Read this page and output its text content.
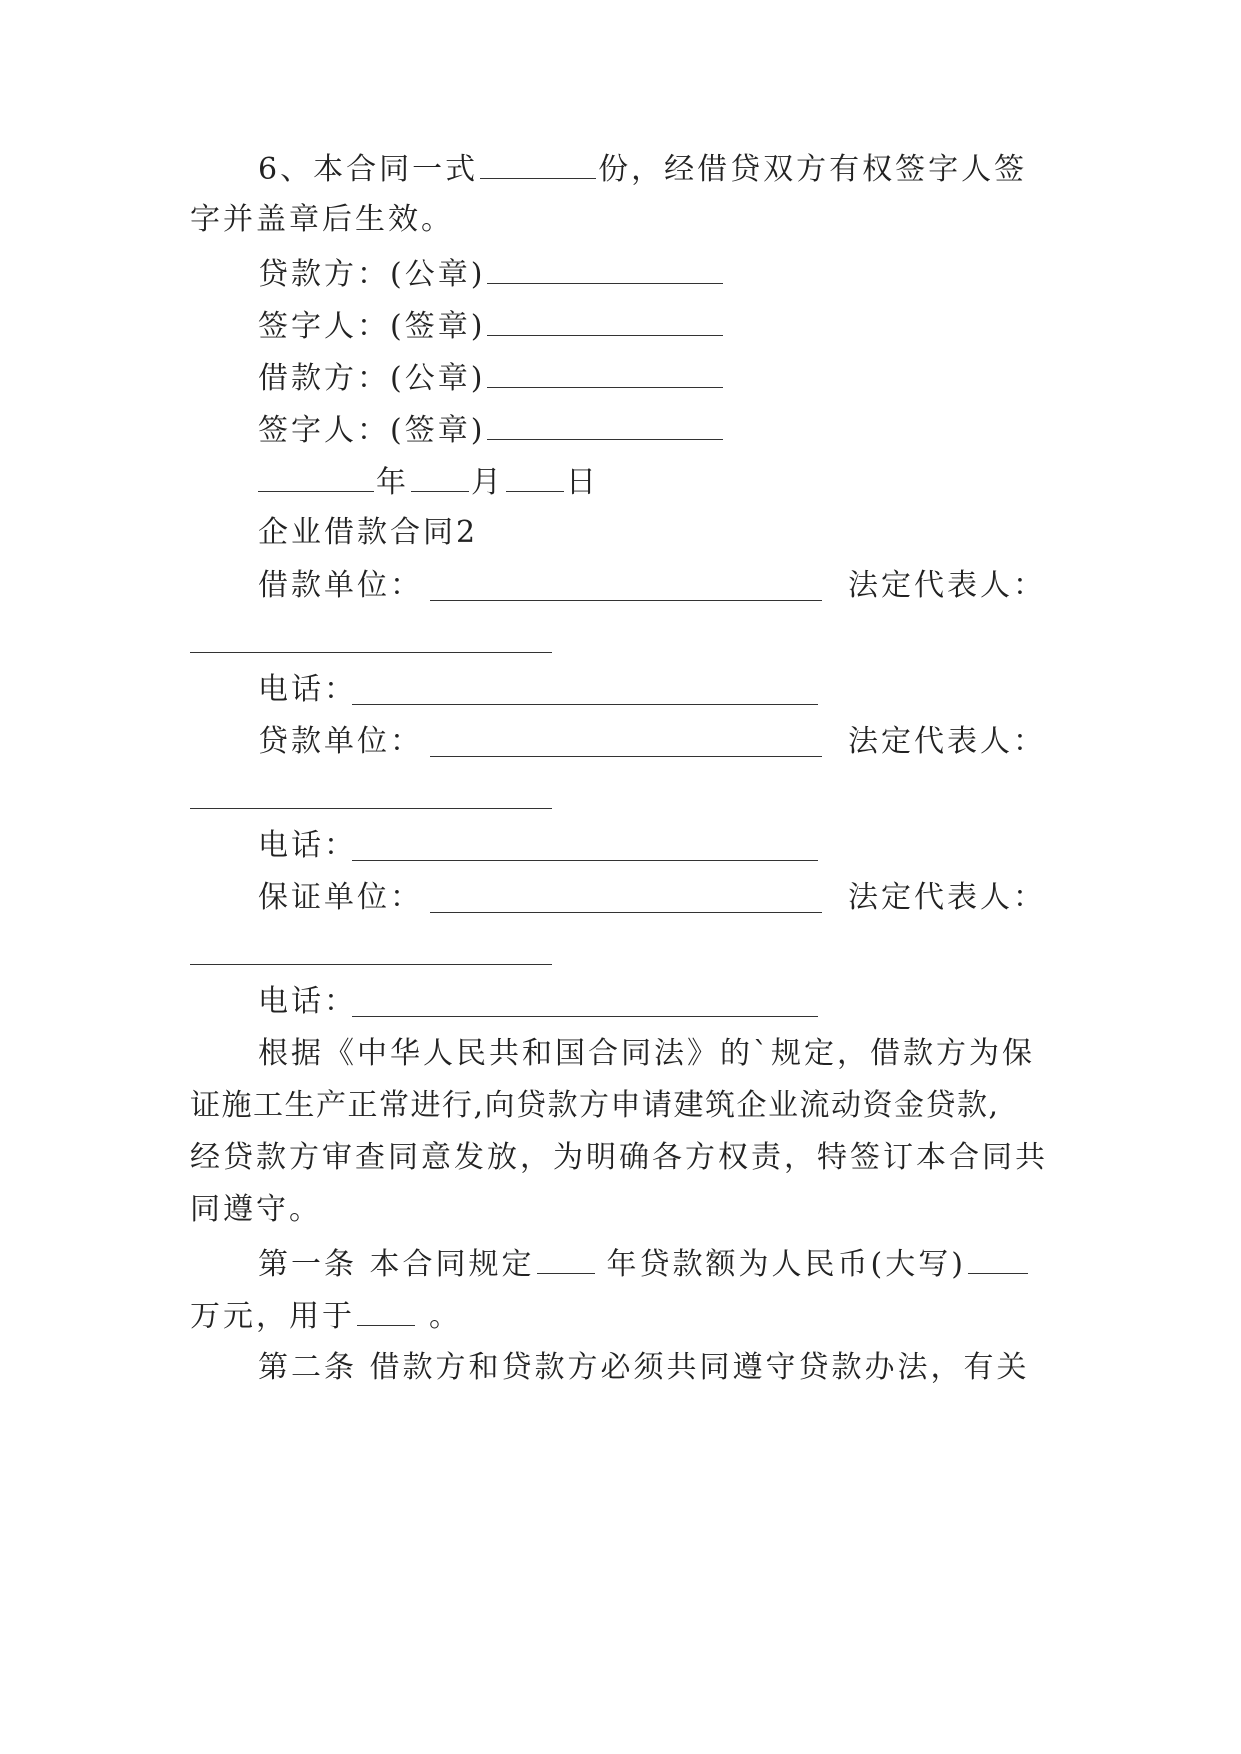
6、本合同一式	份，经借贷双方有权签字人签
字并盖章后生效。
贷款方：(公章)
签字人：(签章)
借款方：(公章)
签字人：(签章)
年 月 日
企业借款合同2
借款单位：	法定代表人：
电话：
贷款单位：	法定代表人：
电话：
保证单位：	法定代表人：
电话：
根据《中华人民共和国合同法》的`规定，借款方为保
证施工生产正常进行,向贷款方申请建筑企业流动资金贷款,
经贷款方审查同意发放，为明确各方权责，特签订本合同共
同遵守。
第一条 本合同规定 年贷款额为人民币(大写)
万元，用于 。
第二条 借款方和贷款方必须共同遵守贷款办法，有关
